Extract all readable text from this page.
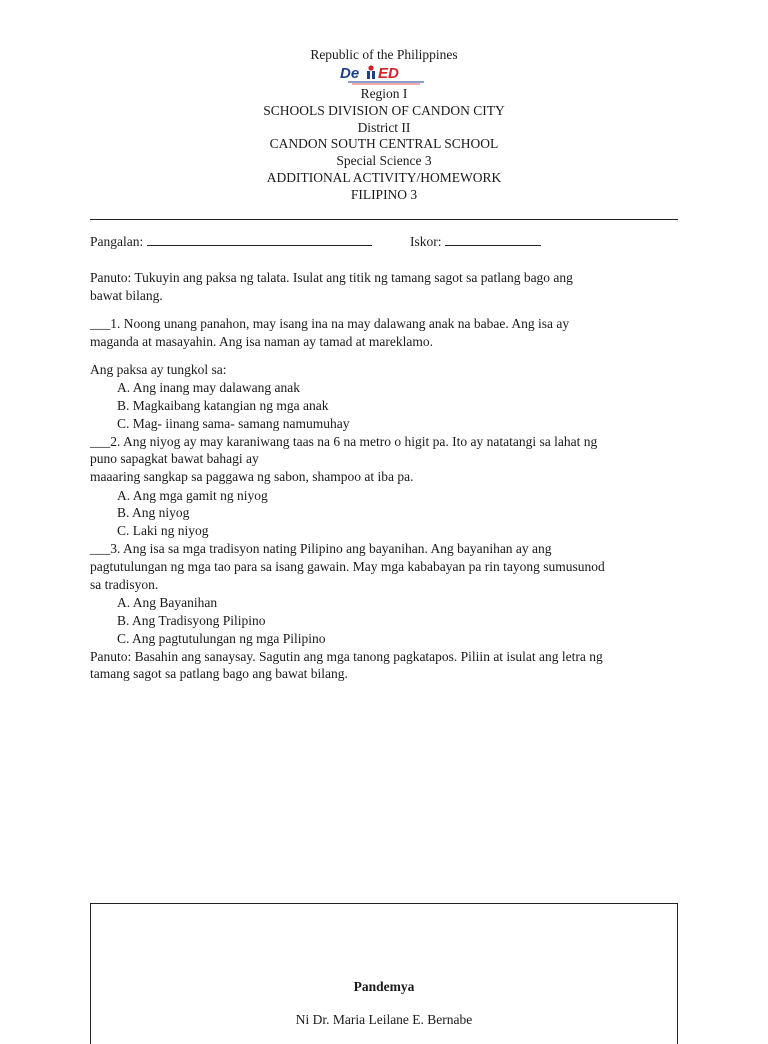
Republic of the Philippines
De ED
Region I
SCHOOLS DIVISION OF CANDON CITY
District II
CANDON SOUTH CENTRAL SCHOOL
Special Science 3
ADDITIONAL ACTIVITY/HOMEWORK
FILIPINO 3
Pangalan:	Iskor:
Panuto: Tukuyin ang paksa ng talata. Isulat ang titik ng tamang sagot sa patlang bago ang
bawat bilang.
___1. Noong unang panahon, may isang ina na may dalawang anak na babae. Ang isa ay
maganda at masayahin. Ang isa naman ay tamad at mareklamo.
Ang paksa ay tungkol sa:
A. Ang inang may dalawang anak
B. Magkaibang katangian ng mga anak
C. Mag- iinang sama- samang namumuhay
___2. Ang niyog ay may karaniwang taas na 6 na metro o higit pa. Ito ay natatangi sa lahat ng
puno sapagkat bawat bahagi ay
maaaring sangkap sa paggawa ng sabon, shampoo at iba pa.
A. Ang mga gamit ng niyog
B. Ang niyog
C. Laki ng niyog
___3. Ang isa sa mga tradisyon nating Pilipino ang bayanihan. Ang bayanihan ay ang
pagtutulungan ng mga tao para sa isang gawain. May mga kababayan pa rin tayong sumusunod
sa tradisyon.
A. Ang Bayanihan
B. Ang Tradisyong Pilipino
C. Ang pagtutulungan ng mga Pilipino
Panuto: Basahin ang sanaysay. Sagutin ang mga tanong pagkatapos. Piliin at isulat ang letra ng
tamang sagot sa patlang bago ang bawat bilang.
Pandemya
Ni Dr. Maria Leilane E. Bernabe
